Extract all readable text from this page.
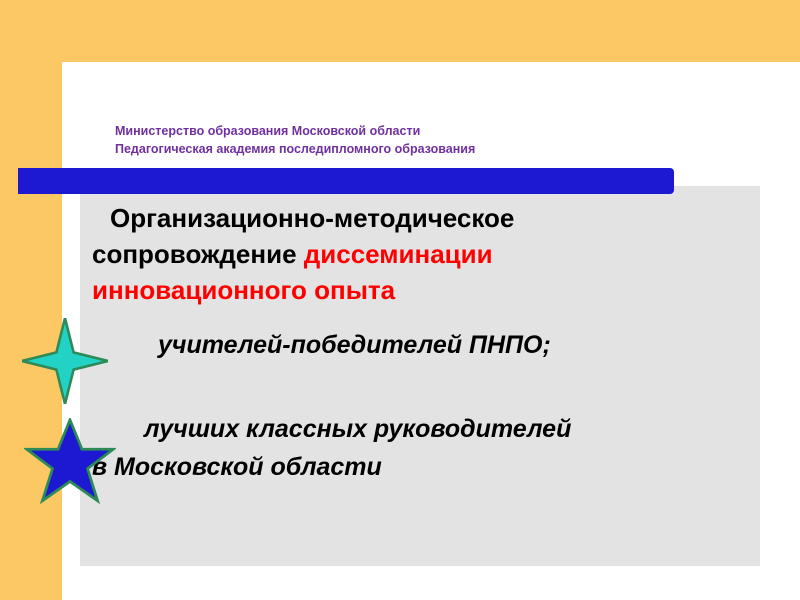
Министерство образования Московской области
Педагогическая академия последипломного образования
Организационно-методическое
сопровождение диссеминации
инновационного опыта
учителей-победителей ПНПО;
лучших классных руководителей
в Московской области
